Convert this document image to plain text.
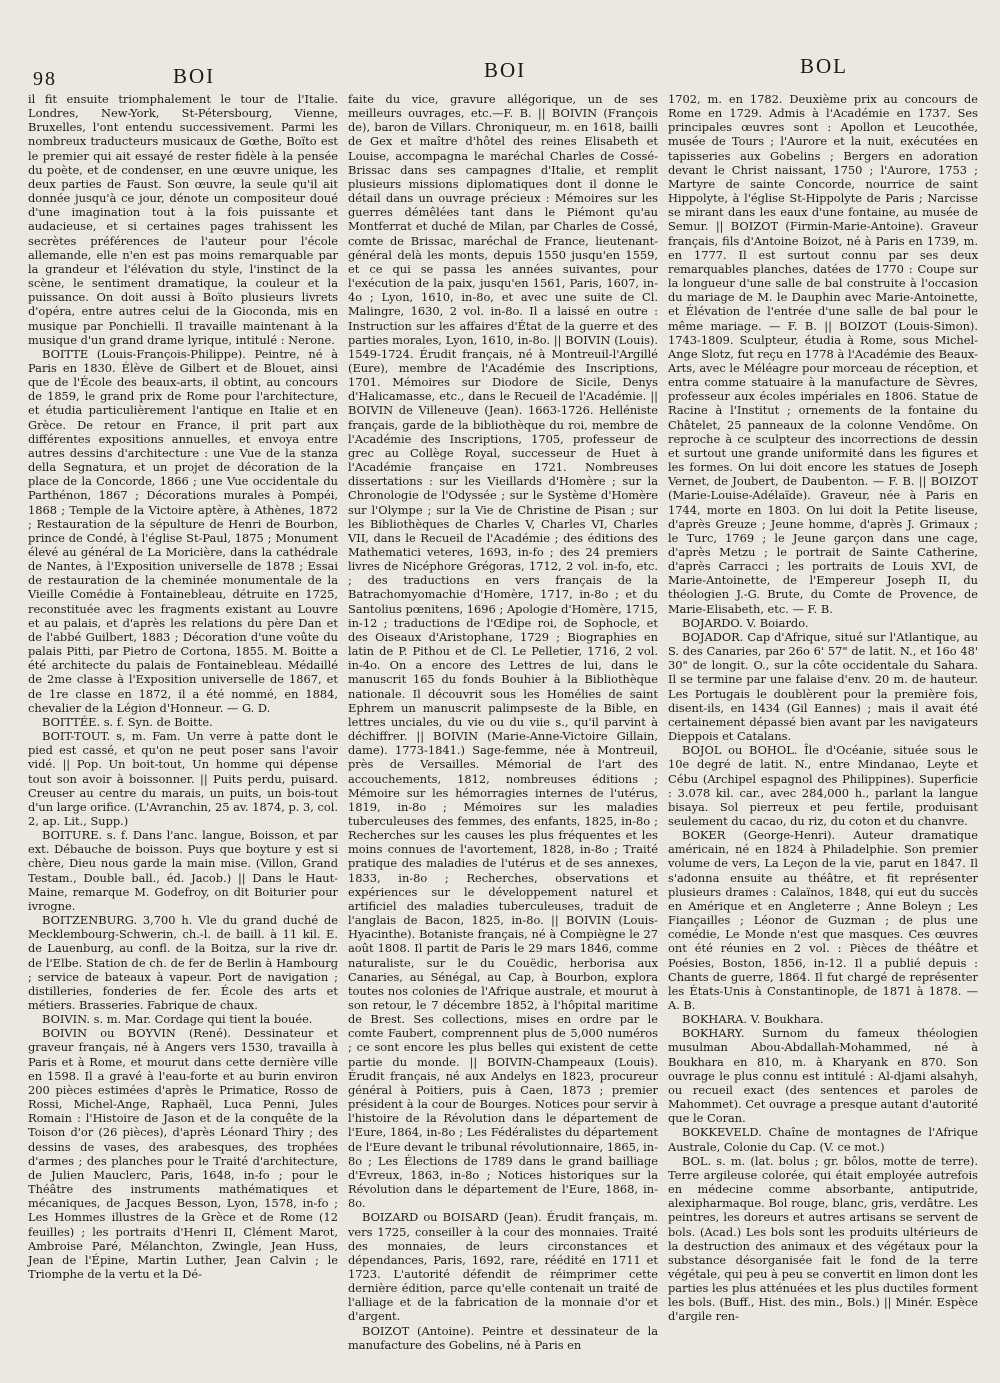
98	BOI	BOI	BOL

il fit ensuite triomphalement le tour de l'Italie. Londres, New-York, St-Pétersbourg, Vienne, Bruxelles, l'ont entendu successivement. Parmi les nombreux traducteurs musicaux de Gœthe, Boïto est le premier qui ait essayé de rester fidèle à la pensée du poète, et de condenser, en une œuvre unique, les deux parties de Faust. Son œuvre, la seule qu'il ait donnée jusqu'à ce jour, dénote un compositeur doué d'une imagination tout à la fois puissante et audacieuse, et si certaines pages trahissent les secrètes préférences de l'auteur pour l'école allemande, elle n'en est pas moins remarquable par la grandeur et l'élévation du style, l'instinct de la scène, le sentiment dramatique, la couleur et la puissance. On doit aussi à Boïto plusieurs livrets d'opéra, entre autres celui de la Gioconda, mis en musique par Ponchielli. Il travaille maintenant à la musique d'un grand drame lyrique, intitulé : Nerone.

BOITTE (Louis-François-Philippe). Peintre, né à Paris en 1830. Élève de Gilbert et de Blouet, ainsi que de l'École des beaux-arts, il obtint, au concours de 1859, le grand prix de Rome pour l'architecture, et étudia particulièrement l'antique en Italie et en Grèce. De retour en France, il prit part aux différentes expositions annuelles, et envoya entre autres dessins d'architecture : une Vue de la stanza della Segnatura, et un projet de décoration de la place de la Concorde, 1866 ; une Vue occidentale du Parthénon, 1867 ; Décorations murales à Pompéi, 1868 ; Temple de la Victoire aptère, à Athènes, 1872 ; Restauration de la sépulture de Henri de Bourbon, prince de Condé, à l'église St-Paul, 1875 ; Monument élevé au général de La Moricière, dans la cathédrale de Nantes, à l'Exposition universelle de 1878 ; Essai de restauration de la cheminée monumentale de la Vieille Comédie à Fontainebleau, détruite en 1725, reconstituée avec les fragments existant au Louvre et au palais, et d'après les relations du père Dan et de l'abbé Guilbert, 1883 ; Décoration d'une voûte du palais Pitti, par Pietro de Cortona, 1855. M. Boitte a été architecte du palais de Fontainebleau. Médaillé de 2me classe à l'Exposition universelle de 1867, et de 1re classe en 1872, il a été nommé, en 1884, chevalier de la Légion d'Honneur. — G. D.

BOITTÉE. s. f. Syn. de Boitte.

BOIT-TOUT. s, m. Fam. Un verre à patte dont le pied est cassé, et qu'on ne peut poser sans l'avoir vidé. || Pop. Un boit-tout, Un homme qui dépense tout son avoir à boissonner. || Puits perdu, puisard. Creuser au centre du marais, un puits, un bois-tout d'un large orifice. (L'Avranchin, 25 av. 1874, p. 3, col. 2, ap. Lit., Supp.)

BOITURE. s. f. Dans l'anc. langue, Boisson, et par ext. Débauche de boisson. Puys que boyture y est si chère, Dieu nous garde la main mise. (Villon, Grand Testam., Double ball., éd. Jacob.) || Dans le Haut-Maine, remarque M. Godefroy, on dit Boiturier pour ivrogne.

BOITZENBURG. 3,700 h. Vle du grand duché de Mecklembourg-Schwerin, ch.-l. de baill. à 11 kil. E. de Lauenburg, au confl. de la Boitza, sur la rive dr. de l'Elbe. Station de ch. de fer de Berlin à Hambourg ; service de bateaux à vapeur. Port de navigation ; distilleries, fonderies de fer. École des arts et métiers. Brasseries. Fabrique de chaux.

BOIVIN. s. m. Mar. Cordage qui tient la bouée.

BOIVIN ou BOYVIN (René). Dessinateur et graveur français, né à Angers vers 1530, travailla à Paris et à Rome, et mourut dans cette dernière ville en 1598. Il a gravé à l'eau-forte et au burin environ 200 pièces estimées d'après le Primatice, Rosso de Rossi, Michel-Ange, Raphaël, Luca Penni, Jules Romain : l'Histoire de Jason et de la conquête de la Toison d'or (26 pièces), d'après Léonard Thiry ; des dessins de vases, des arabesques, des trophées d'armes ; des planches pour le Traité d'architecture, de Julien Mauclerc, Paris, 1648, in-fo ; pour le Théâtre des instruments mathématiques et mécaniques, de Jacques Besson, Lyon, 1578, in-fo ; Les Hommes illustres de la Grèce et de Rome (12 feuilles) ; les portraits d'Henri II, Clément Marot, Ambroise Paré, Mélanchton, Zwingle, Jean Huss, Jean de l'Épine, Martin Luther, Jean Calvin ; le Triomphe de la vertu et la Dé-

faite du vice, gravure allégorique, un de ses meilleurs ouvrages, etc.—F. B. || BOIVIN (François de), baron de Villars. Chroniqueur, m. en 1618, bailli de Gex et maître d'hôtel des reines Elisabeth et Louise, accompagna le maréchal Charles de Cossé-Brissac dans ses campagnes d'Italie, et remplit plusieurs missions diplomatiques dont il donne le détail dans un ouvrage précieux : Mémoires sur les guerres démêlées tant dans le Piémont qu'au Montferrat et duché de Milan, par Charles de Cossé, comte de Brissac, maréchal de France, lieutenant-général delà les monts, depuis 1550 jusqu'en 1559, et ce qui se passa les années suivantes, pour l'exécution de la paix, jusqu'en 1561, Paris, 1607, in-4o ; Lyon, 1610, in-8o, et avec une suite de Cl. Malingre, 1630, 2 vol. in-8o. Il a laissé en outre : Instruction sur les affaires d'État de la guerre et des parties morales, Lyon, 1610, in-8o. || BOIVIN (Louis). 1549-1724. Érudit français, né à Montreuil-l'Argillé (Eure), membre de l'Académie des Inscriptions, 1701. Mémoires sur Diodore de Sicile, Denys d'Halicamasse, etc., dans le Recueil de l'Académie. || BOIVIN de Villeneuve (Jean). 1663-1726. Helléniste français, garde de la bibliothèque du roi, membre de l'Académie des Inscriptions, 1705, professeur de grec au Collège Royal, successeur de Huet à l'Académie française en 1721. Nombreuses dissertations : sur les Vieillards d'Homère ; sur la Chronologie de l'Odyssée ; sur le Système d'Homère sur l'Olympe ; sur la Vie de Christine de Pisan ; sur les Bibliothèques de Charles V, Charles VI, Charles VII, dans le Recueil de l'Académie ; des éditions des Mathematici veteres, 1693, in-fo ; des 24 premiers livres de Nicéphore Grégoras, 1712, 2 vol. in-fo, etc. ; des traductions en vers français de la Batrachomyomachie d'Homère, 1717, in-8o ; et du Santolius pœnitens, 1696 ; Apologie d'Homère, 1715, in-12 ; traductions de l'Œdipe roi, de Sophocle, et des Oiseaux d'Aristophane, 1729 ; Biographies en latin de P. Pithou et de Cl. Le Pelletier, 1716, 2 vol. in-4o. On a encore des Lettres de lui, dans le manuscrit 165 du fonds Bouhier à la Bibliothèque nationale. Il découvrit sous les Homélies de saint Ephrem un manuscrit palimpseste de la Bible, en lettres unciales, du vie ou du viie s., qu'il parvint à déchiffrer. || BOIVIN (Marie-Anne-Victoire Gillain, dame). 1773-1841.) Sage-femme, née à Montreuil, près de Versailles. Mémorial de l'art des accouchements, 1812, nombreuses éditions ; Mémoire sur les hémorragies internes de l'utérus, 1819, in-8o ; Mémoires sur les maladies tuberculeuses des femmes, des enfants, 1825, in-8o ; Recherches sur les causes les plus fréquentes et les moins connues de l'avortement, 1828, in-8o ; Traité pratique des maladies de l'utérus et de ses annexes, 1833, in-8o ; Recherches, observations et expériences sur le développement naturel et artificiel des maladies tuberculeuses, traduit de l'anglais de Bacon, 1825, in-8o. || BOIVIN (Louis-Hyacinthe). Botaniste français, né à Compiègne le 27 août 1808. Il partit de Paris le 29 mars 1846, comme naturaliste, sur le du Couëdic, herborisa aux Canaries, au Sénégal, au Cap, à Bourbon, explora toutes nos colonies de l'Afrique australe, et mourut à son retour, le 7 décembre 1852, à l'hôpital maritime de Brest. Ses collections, mises en ordre par le comte Faubert, comprennent plus de 5,000 numéros ; ce sont encore les plus belles qui existent de cette partie du monde. || BOIVIN-Champeaux (Louis). Érudit français, né aux Andelys en 1823, procureur général à Poitiers, puis à Caen, 1873 ; premier président à la cour de Bourges. Notices pour servir à l'histoire de la Révolution dans le département de l'Eure, 1864, in-8o ; Les Fédéralistes du département de l'Eure devant le tribunal révolutionnaire, 1865, in-8o ; Les Élections de 1789 dans le grand bailliage d'Evreux, 1863, in-8o ; Notices historiques sur la Révolution dans le département de l'Eure, 1868, in-8o.

BOIZARD ou BOISARD (Jean). Érudit français, m. vers 1725, conseiller à la cour des monnaies. Traité des monnaies, de leurs circonstances et dépendances, Paris, 1692, rare, réédité en 1711 et 1723. L'autorité défendit de réimprimer cette dernière édition, parce qu'elle contenait un traité de l'alliage et de la fabrication de la monnaie d'or et d'argent.

BOIZOT (Antoine). Peintre et dessinateur de la manufacture des Gobelins, né à Paris en

1702, m. en 1782. Deuxième prix au concours de Rome en 1729. Admis à l'Académie en 1737. Ses principales œuvres sont : Apollon et Leucothée, musée de Tours ; l'Aurore et la nuit, exécutées en tapisseries aux Gobelins ; Bergers en adoration devant le Christ naissant, 1750 ; l'Aurore, 1753 ; Martyre de sainte Concorde, nourrice de saint Hippolyte, à l'église St-Hippolyte de Paris ; Narcisse se mirant dans les eaux d'une fontaine, au musée de Semur. || BOIZOT (Firmin-Marie-Antoine). Graveur français, fils d'Antoine Boizot, né à Paris en 1739, m. en 1777. Il est surtout connu par ses deux remarquables planches, datées de 1770 : Coupe sur la longueur d'une salle de bal construite à l'occasion du mariage de M. le Dauphin avec Marie-Antoinette, et Élévation de l'entrée d'une salle de bal pour le même mariage. — F. B. || BOIZOT (Louis-Simon). 1743-1809. Sculpteur, étudia à Rome, sous Michel-Ange Slotz, fut reçu en 1778 à l'Académie des Beaux-Arts, avec le Méléagre pour morceau de réception, et entra comme statuaire à la manufacture de Sèvres, professeur aux écoles impériales en 1806. Statue de Racine à l'Institut ; ornements de la fontaine du Châtelet, 25 panneaux de la colonne Vendôme. On reproche à ce sculpteur des incorrections de dessin et surtout une grande uniformité dans les figures et les formes. On lui doit encore les statues de Joseph Vernet, de Joubert, de Daubenton. — F. B. || BOIZOT (Marie-Louise-Adélaïde). Graveur, née à Paris en 1744, morte en 1803. On lui doit la Petite liseuse, d'après Greuze ; Jeune homme, d'après J. Grimaux ; le Turc, 1769 ; le Jeune garçon dans une cage, d'après Metzu ; le portrait de Sainte Catherine, d'après Carracci ; les portraits de Louis XVI, de Marie-Antoinette, de l'Empereur Joseph II, du théologien J.-G. Brute, du Comte de Provence, de Marie-Elisabeth, etc. — F. B.

BOJARDO. V. Boiardo.

BOJADOR. Cap d'Afrique, situé sur l'Atlantique, au S. des Canaries, par 26o 6' 57" de latit. N., et 16o 48' 30" de longit. O., sur la côte occidentale du Sahara. Il se termine par une falaise d'env. 20 m. de hauteur. Les Portugais le doublèrent pour la première fois, disent-ils, en 1434 (Gil Eannes) ; mais il avait été certainement dépassé bien avant par les navigateurs Dieppois et Catalans.

BOJOL ou BOHOL. Île d'Océanie, située sous le 10e degré de latit. N., entre Mindanao, Leyte et Cébu (Archipel espagnol des Philippines). Superficie : 3.078 kil. car., avec 284,000 h., parlant la langue bisaya. Sol pierreux et peu fertile, produisant seulement du cacao, du riz, du coton et du chanvre.

BOKER (George-Henri). Auteur dramatique américain, né en 1824 à Philadelphie. Son premier volume de vers, La Leçon de la vie, parut en 1847. Il s'adonna ensuite au théâtre, et fit représenter plusieurs drames : Calaïnos, 1848, qui eut du succès en Amérique et en Angleterre ; Anne Boleyn ; Les Fiançailles ; Léonor de Guzman ; de plus une comédie, Le Monde n'est que masques. Ces œuvres ont été réunies en 2 vol. : Pièces de théâtre et Poésies, Boston, 1856, in-12. Il a publié depuis : Chants de guerre, 1864. Il fut chargé de représenter les États-Unis à Constantinople, de 1871 à 1878. — A. B.

BOKHARA. V. Boukhara.

BOKHARY. Surnom du fameux théologien musulman Abou-Abdallah-Mohammed, né à Boukhara en 810, m. à Kharyank en 870. Son ouvrage le plus connu est intitulé : Al-djami alsahyh, ou recueil exact (des sentences et paroles de Mahommet). Cet ouvrage a presque autant d'autorité que le Coran.

BOKKEVELD. Chaîne de montagnes de l'Afrique Australe, Colonie du Cap. (V. ce mot.)

BOL. s. m. (lat. bolus ; gr. bôlos, motte de terre). Terre argileuse colorée, qui était employée autrefois en médecine comme absorbante, antiputride, alexipharmaque. Bol rouge, blanc, gris, verdâtre. Les peintres, les doreurs et autres artisans se servent de bols. (Acad.) Les bols sont les produits ultérieurs de la destruction des animaux et des végétaux pour la substance désorganisée fait le fond de la terre végétale, qui peu à peu se convertit en limon dont les parties les plus atténuées et les plus ductiles forment les bols. (Buff., Hist. des min., Bols.) || Minér. Espèce d'argile ren-
